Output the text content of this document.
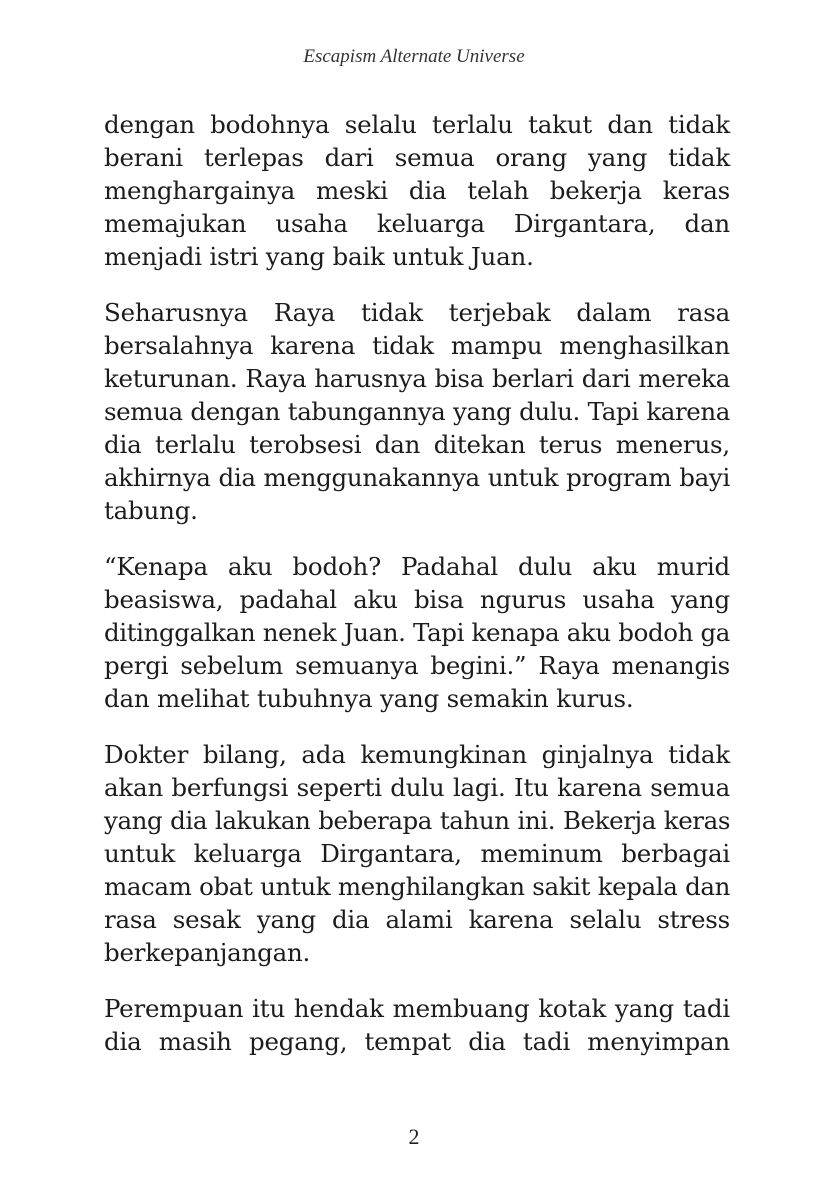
Escapism Alternate Universe

dengan bodohnya selalu terlalu takut dan tidak
berani terlepas dari semua orang yang tidak
menghargainya meski dia telah bekerja keras
memajukan usaha keluarga Dirgantara, dan
menjadi istri yang baik untuk Juan.
Seharusnya Raya tidak terjebak dalam rasa
bersalahnya karena tidak mampu menghasilkan
keturunan. Raya harusnya bisa berlari dari mereka
semua dengan tabungannya yang dulu. Tapi karena
dia terlalu terobsesi dan ditekan terus menerus,
akhirnya dia menggunakannya untuk program bayi
tabung.
“Kenapa aku bodoh? Padahal dulu aku murid
beasiswa, padahal aku bisa ngurus usaha yang
ditinggalkan nenek Juan. Tapi kenapa aku bodoh ga
pergi sebelum semuanya begini.” Raya menangis
dan melihat tubuhnya yang semakin kurus.
Dokter bilang, ada kemungkinan ginjalnya tidak
akan berfungsi seperti dulu lagi. Itu karena semua
yang dia lakukan beberapa tahun ini. Bekerja keras
untuk keluarga Dirgantara, meminum berbagai
macam obat untuk menghilangkan sakit kepala dan
rasa sesak yang dia alami karena selalu stress
berkepanjangan.
Perempuan itu hendak membuang kotak yang tadi
dia masih pegang, tempat dia tadi menyimpan

2
